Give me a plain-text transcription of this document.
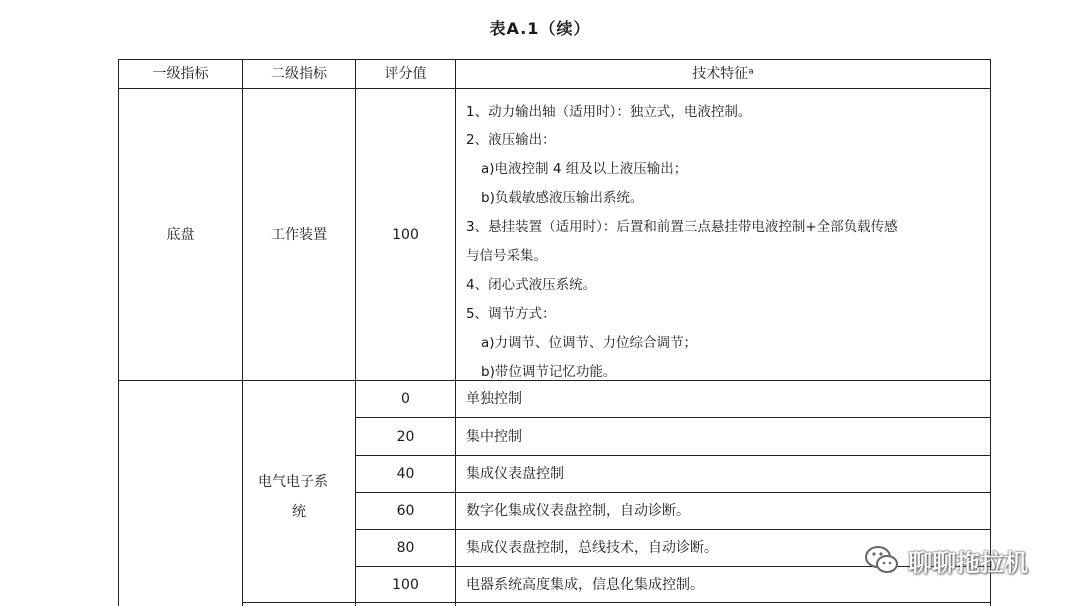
表A.1（续）
一级指标	二级指标	评分值	技术特征ᵃ
底盘	工作装置	100
1、动力输出轴（适用时）：独立式，电液控制。
2、液压输出：
a)电液控制 4 组及以上液压输出；
b)负载敏感液压输出系统。
3、悬挂装置（适用时）：后置和前置三点悬挂带电液控制+全部负载传感
与信号采集。
4、闭心式液压系统。
5、调节方式：
a)力调节、位调节、力位综合调节；
b)带位调节记忆功能。
电气电子系
统
0	单独控制
20	集中控制
40	集成仪表盘控制
60	数字化集成仪表盘控制，自动诊断。
80	集成仪表盘控制，总线技术，自动诊断。
100	电器系统高度集成，信息化集成控制。
聊聊拖拉机
